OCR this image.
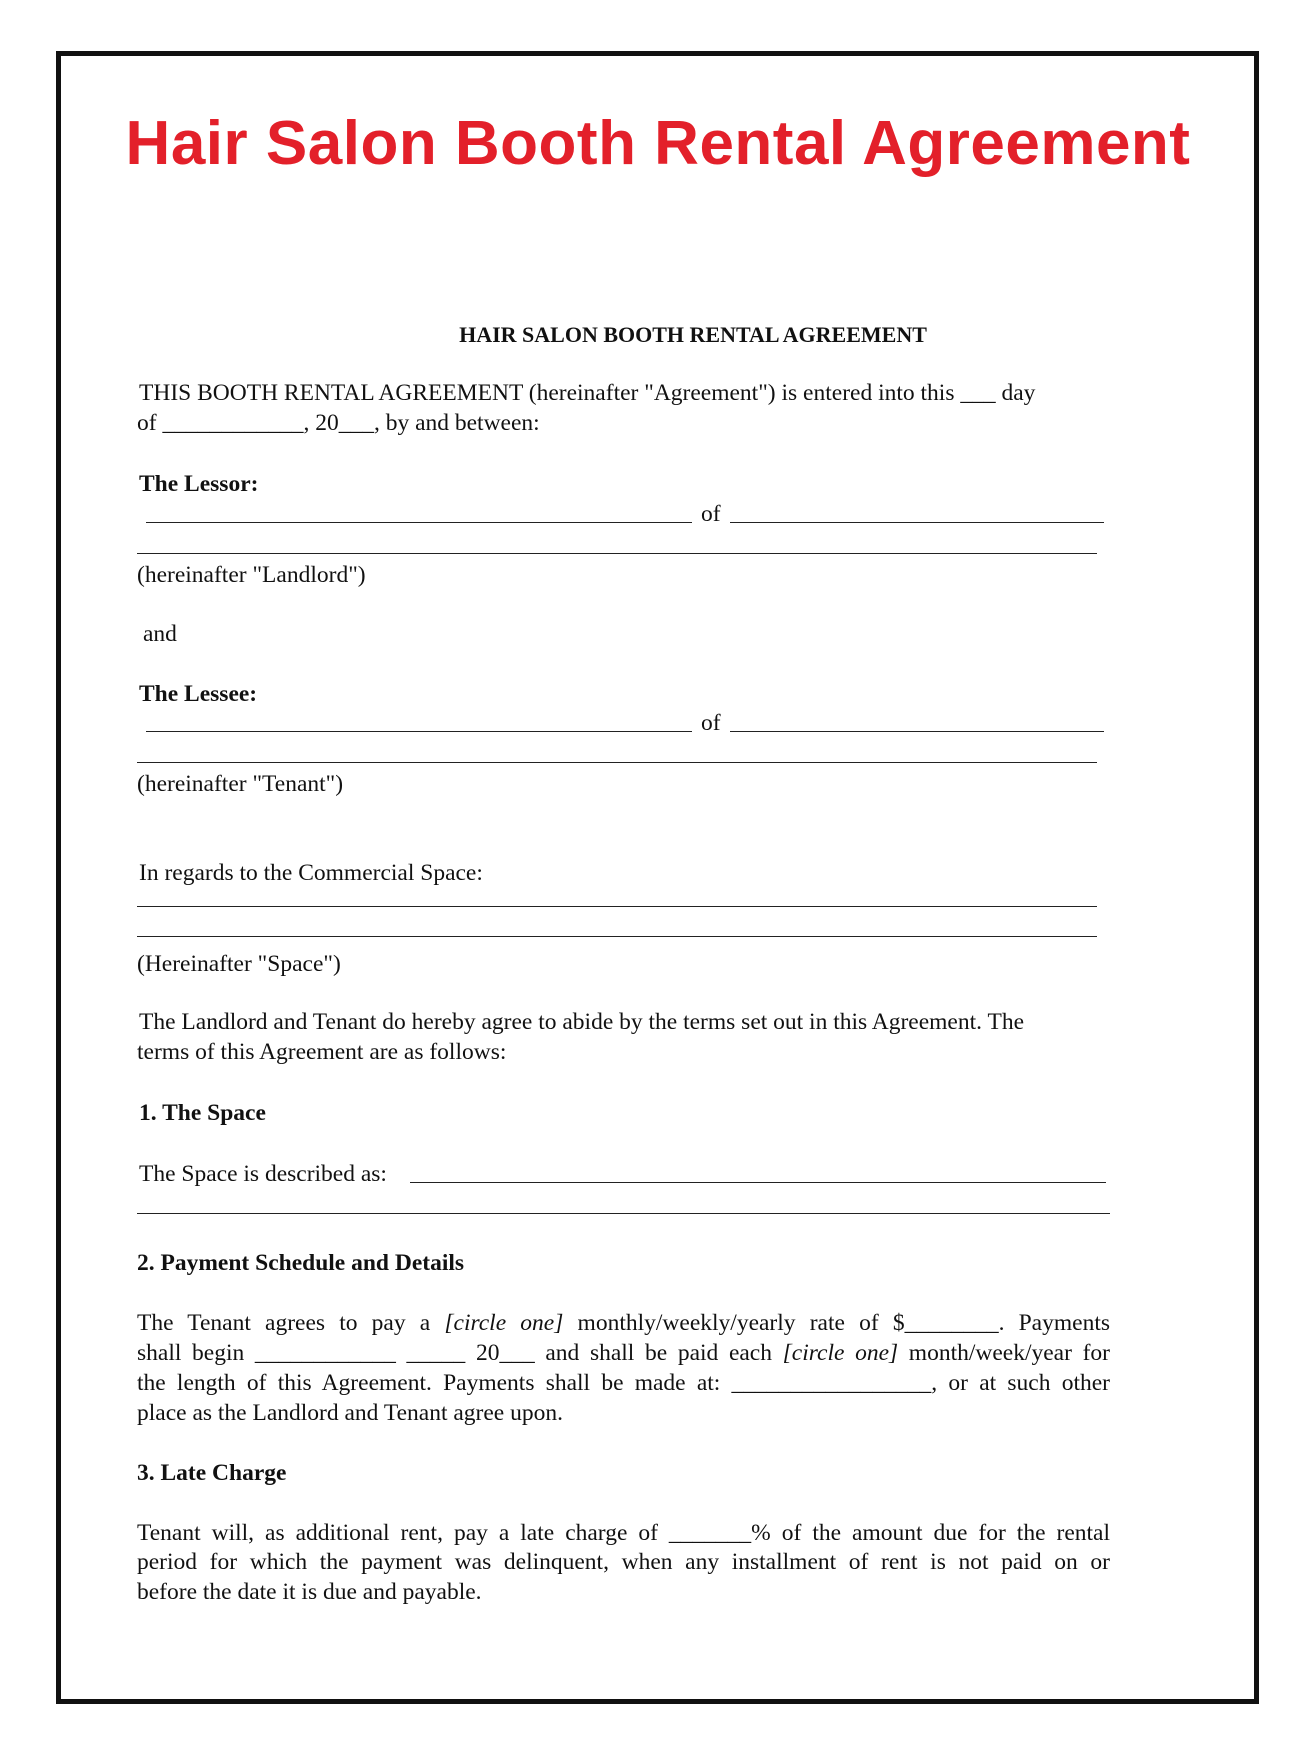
Hair Salon Booth Rental Agreement
HAIR SALON BOOTH RENTAL AGREEMENT
THIS BOOTH RENTAL AGREEMENT (hereinafter "Agreement") is entered into this ___ day
of ____________, 20___, by and between:
The Lessor:
of
(hereinafter "Landlord")
and
The Lessee:
of
(hereinafter "Tenant")
In regards to the Commercial Space:
(Hereinafter "Space")
The Landlord and Tenant do hereby agree to abide by the terms set out in this Agreement. The
terms of this Agreement are as follows:
1. The Space
The Space is described as:
2. Payment Schedule and Details
The Tenant agrees to pay a [circle one] monthly/weekly/yearly rate of $________. Payments
shall begin ____________ _____ 20___ and shall be paid each [circle one] month/week/year for
the length of this Agreement. Payments shall be made at: _________________, or at such other
place as the Landlord and Tenant agree upon.
3. Late Charge
Tenant will, as additional rent, pay a late charge of _______% of the amount due for the rental
period for which the payment was delinquent, when any installment of rent is not paid on or
before the date it is due and payable.
